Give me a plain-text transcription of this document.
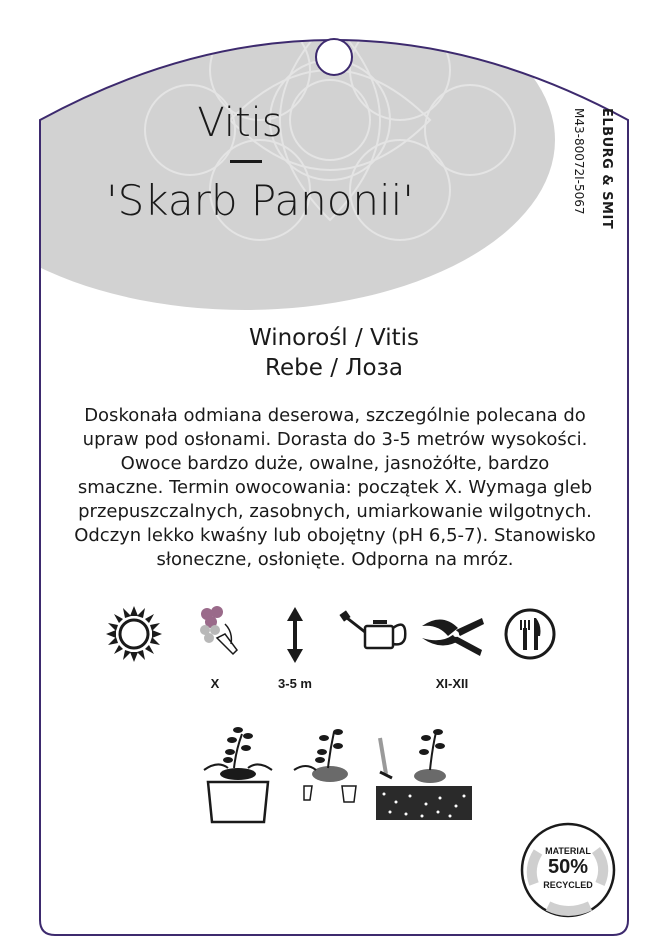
Vitis
'Skarb Panonii'	ELBURG & SMIT
M43-80072I-5067
Winorośl / Vitis
Rebe / Лоза
Doskonała odmiana deserowa, szczególnie polecana do
upraw pod osłonami. Dorasta do 3-5 metrów wysokości.
Owoce bardzo duże, owalne, jasnożółte, bardzo
smaczne. Termin owocowania: początek X. Wymaga gleb
przepuszczalnych, zasobnych, umiarkowanie wilgotnych.
Odczyn lekko kwaśny lub obojętny (pH 6,5-7). Stanowisko
słoneczne, osłonięte. Odporna na mróz.
X	3-5 m	XI-XII
MATERIAL
50%
RECYCLED
